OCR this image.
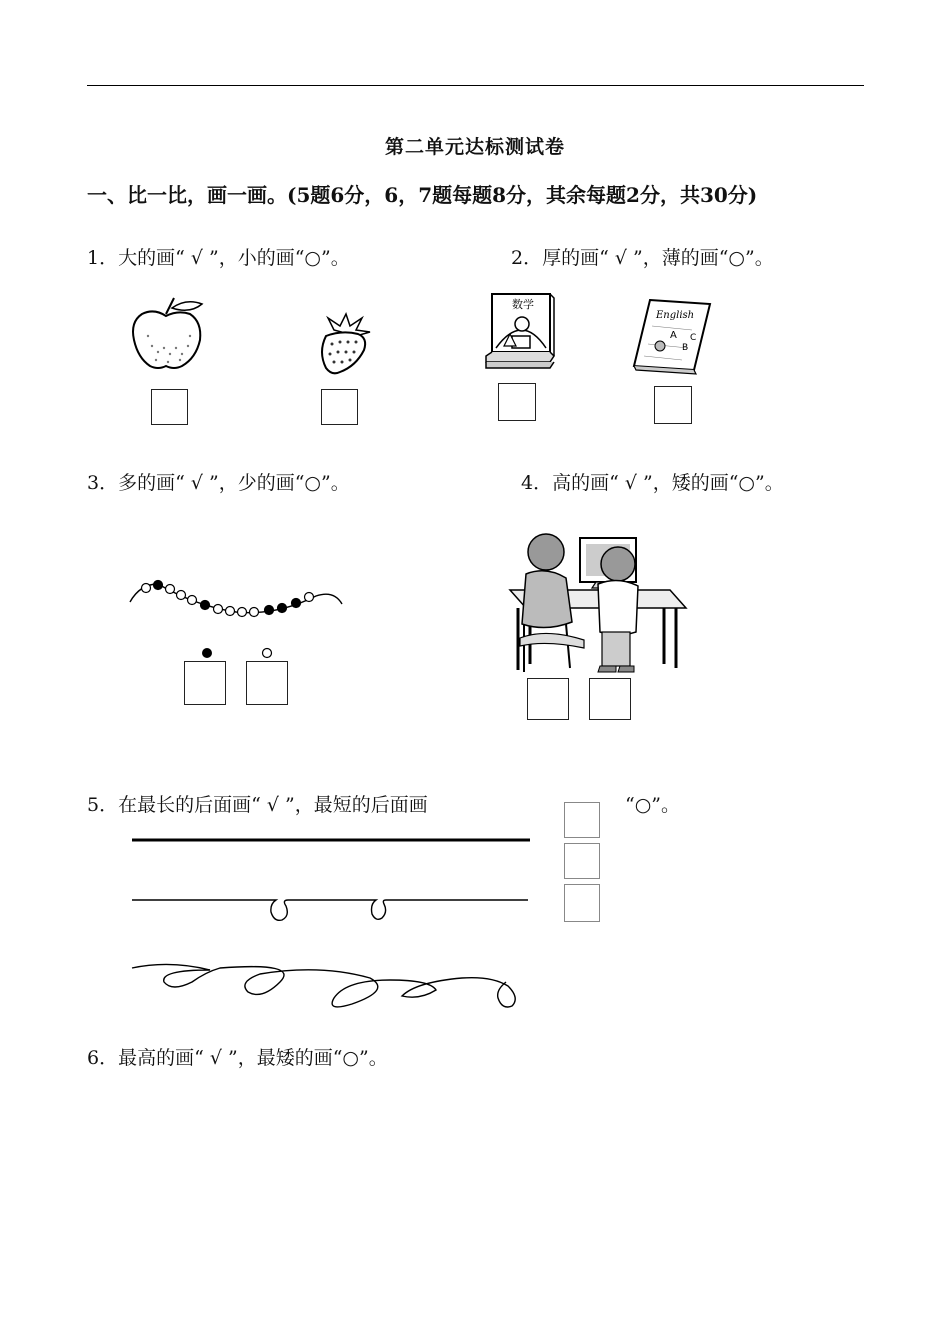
第二单元达标测试卷
一、比一比，画一画。(5题6分，6，7题每题8分，其余每题2分，共30分)
1．大的画“ √ ”，小的画“○”。	2．厚的画“ √ ”，薄的画“○”。
数学
English
A
B
C
3．多的画“ √ ”，少的画“○”。	4．高的画“ √ ”，矮的画“○”。
5．在最长的后面画“ √ ”，最短的后面画	“○”。
6．最高的画“ √ ”，最矮的画“○”。
